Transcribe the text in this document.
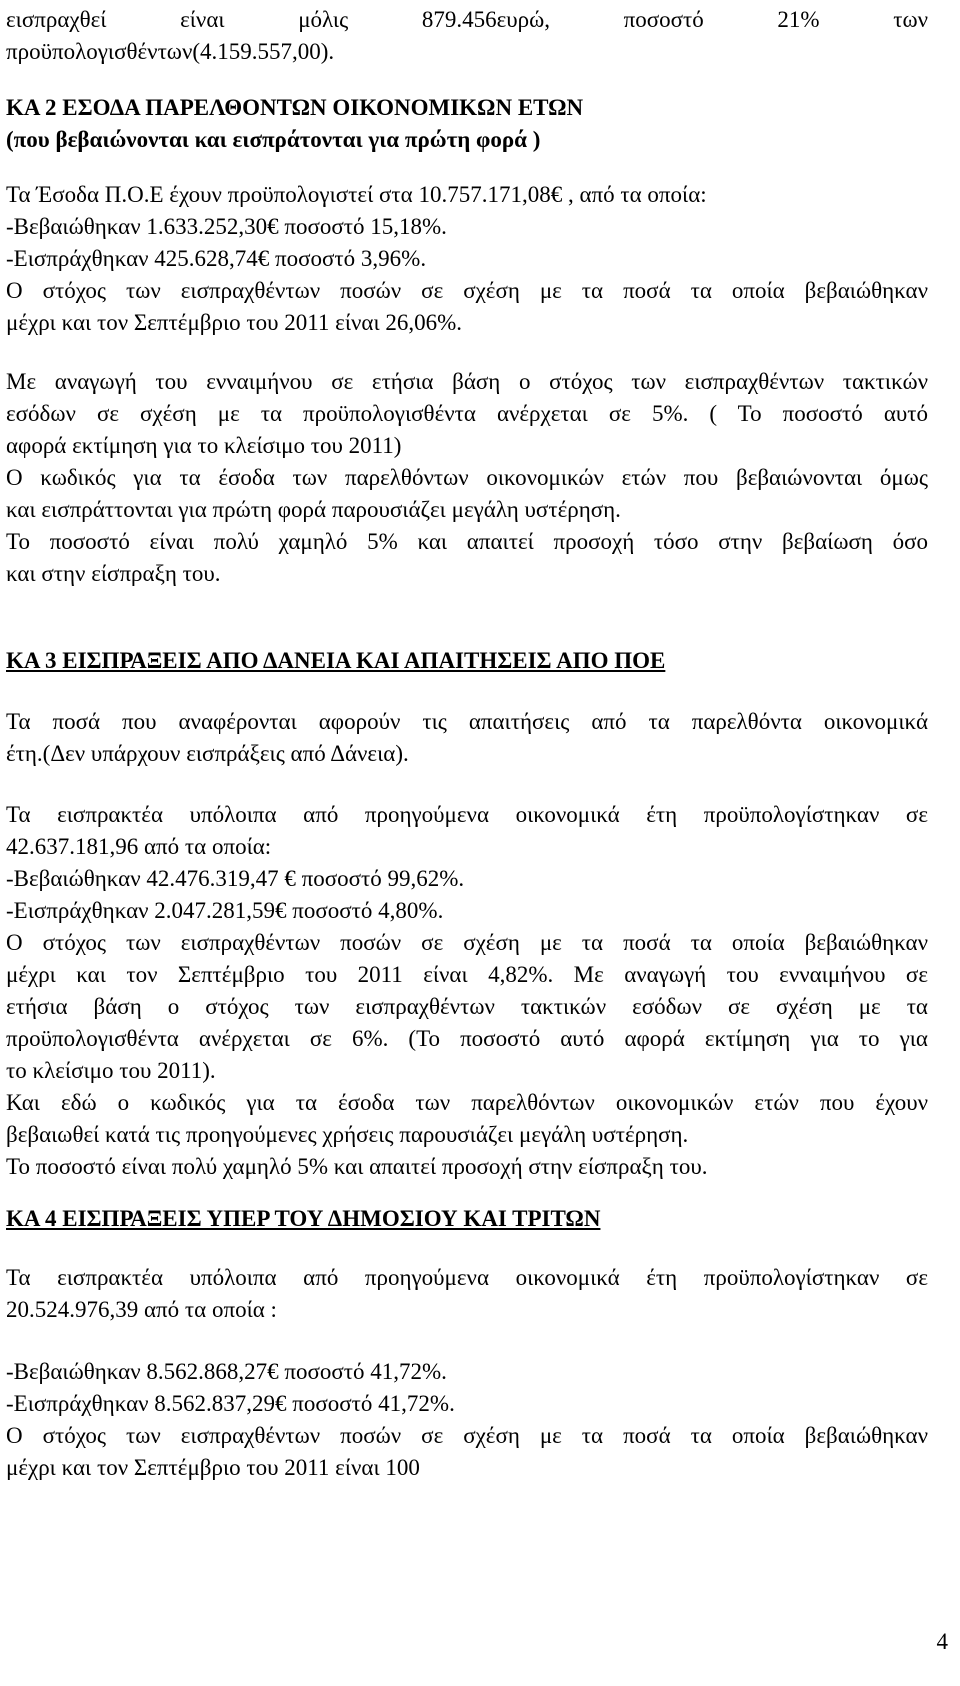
εισπραχθεί είναι μόλις 879.456ευρώ, ποσοστό 21% των
προϋπολογισθέντων(4.159.557,00).
ΚΑ 2 ΕΣΟΔΑ ΠΑΡΕΛΘΟΝΤΩΝ ΟΙΚΟΝΟΜΙΚΩΝ ΕΤΩΝ
(που βεβαιώνονται και εισπράτονται για πρώτη φορά )
Τα Έσοδα Π.Ο.Ε έχουν προϋπολογιστεί στα 10.757.171,08€ , από τα οποία:
-Βεβαιώθηκαν 1.633.252,30€ ποσοστό 15,18%.
-Εισπράχθηκαν 425.628,74€ ποσοστό 3,96%.
Ο στόχος των εισπραχθέντων ποσών σε σχέση με τα ποσά τα οποία βεβαιώθηκαν
μέχρι και τον Σεπτέμβριο του 2011 είναι 26,06%.
Με αναγωγή του ενναιμήνου σε ετήσια βάση ο στόχος των εισπραχθέντων τακτικών
εσόδων σε σχέση με τα προϋπολογισθέντα ανέρχεται σε 5%. ( Το ποσοστό αυτό
αφορά εκτίμηση για το κλείσιμο του 2011)
Ο κωδικός για τα έσοδα των παρελθόντων οικονομικών ετών που βεβαιώνονται όμως
και εισπράττονται για πρώτη φορά παρουσιάζει μεγάλη υστέρηση.
Το ποσοστό είναι πολύ χαμηλό 5% και απαιτεί προσοχή τόσο στην βεβαίωση όσο
και στην είσπραξη του.
ΚΑ 3 ΕΙΣΠΡΑΞΕΙΣ ΑΠΟ ΔΑΝΕΙΑ ΚΑΙ ΑΠΑΙΤΗΣΕΙΣ ΑΠΟ ΠΟΕ
Τα ποσά που αναφέρονται αφορούν τις απαιτήσεις από τα παρελθόντα οικονομικά
έτη.(Δεν υπάρχουν εισπράξεις από Δάνεια).
Τα εισπρακτέα υπόλοιπα από προηγούμενα οικονομικά έτη προϋπολογίστηκαν σε
42.637.181,96 από τα οποία:
-Βεβαιώθηκαν 42.476.319,47 € ποσοστό 99,62%.
-Εισπράχθηκαν 2.047.281,59€ ποσοστό 4,80%.
Ο στόχος των εισπραχθέντων ποσών σε σχέση με τα ποσά τα οποία βεβαιώθηκαν
μέχρι και τον Σεπτέμβριο του 2011 είναι 4,82%. Με αναγωγή του ενναιμήνου σε
ετήσια βάση ο στόχος των εισπραχθέντων τακτικών εσόδων σε σχέση με τα
προϋπολογισθέντα ανέρχεται σε 6%. (Το ποσοστό αυτό αφορά εκτίμηση για το για
το κλείσιμο του 2011).
Και εδώ ο κωδικός για τα έσοδα των παρελθόντων οικονομικών ετών που έχουν
βεβαιωθεί κατά τις προηγούμενες χρήσεις παρουσιάζει μεγάλη υστέρηση.
Το ποσοστό είναι πολύ χαμηλό 5% και απαιτεί προσοχή στην είσπραξη του.
ΚΑ 4 ΕΙΣΠΡΑΞΕΙΣ ΥΠΕΡ ΤΟΥ ΔΗΜΟΣΙΟΥ ΚΑΙ ΤΡΙΤΩΝ
Τα εισπρακτέα υπόλοιπα από προηγούμενα οικονομικά έτη προϋπολογίστηκαν σε
20.524.976,39 από τα οποία :
-Βεβαιώθηκαν 8.562.868,27€ ποσοστό 41,72%.
-Εισπράχθηκαν 8.562.837,29€ ποσοστό 41,72%.
Ο στόχος των εισπραχθέντων ποσών σε σχέση με τα ποσά τα οποία βεβαιώθηκαν
μέχρι και τον Σεπτέμβριο του 2011 είναι 100
4
